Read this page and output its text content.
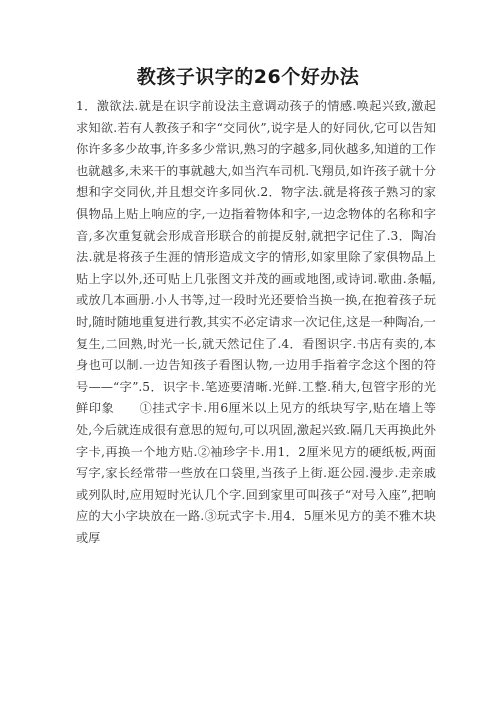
教孩子识字的26个好办法

1．激欲法.就是在识字前设法主意调动孩子的情感.唤起兴致,激起求知欲.若有人教孩子和字“交同伙”,说字是人的好同伙,它可以告知你许多多少故事,许多多少常识,熟习的字越多,同伙越多,知道的工作也就越多,未来干的事就越大,如当汽车司机.飞翔员,如许孩子就十分想和字交同伙,并且想交许多同伙.2．物字法.就是将孩子熟习的家俱物品上贴上响应的字,一边指着物体和字,一边念物体的名称和字音,多次重复就会形成音形联合的前提反射,就把字记住了.3．陶冶法.就是将孩子生涯的情形造成文字的情形,如家里除了家俱物品上贴上字以外,还可贴上几张图文并茂的画或地图,或诗词.歌曲.条幅,或放几本画册.小人书等,过一段时光还要恰当换一换,在抱着孩子玩时,随时随地重复进行教,其实不必定请求一次记住,这是一种陶冶,一复生,二回熟,时光一长,就天然记住了.4．看图识字.书店有卖的,本身也可以制.一边告知孩子看图认物,一边用手指着字念这个图的符号——“字”.5．识字卡.笔迹要清晰.光鲜.工整.稍大,包管字形的光鲜印象　　①挂式字卡.用6厘米以上见方的纸块写字,贴在墙上等处,今后就连成很有意思的短句,可以巩固,激起兴致.隔几天再换此外字卡,再换一个地方贴.②袖珍字卡.用1．2厘米见方的硬纸板,两面写字,家长经常带一些放在口袋里,当孩子上街.逛公园.漫步.走亲戚或列队时,应用短时光认几个字.回到家里可叫孩子“对号入座”,把响应的大小字块放在一路.③玩式字卡.用4．5厘米见方的美不雅木块或厚
